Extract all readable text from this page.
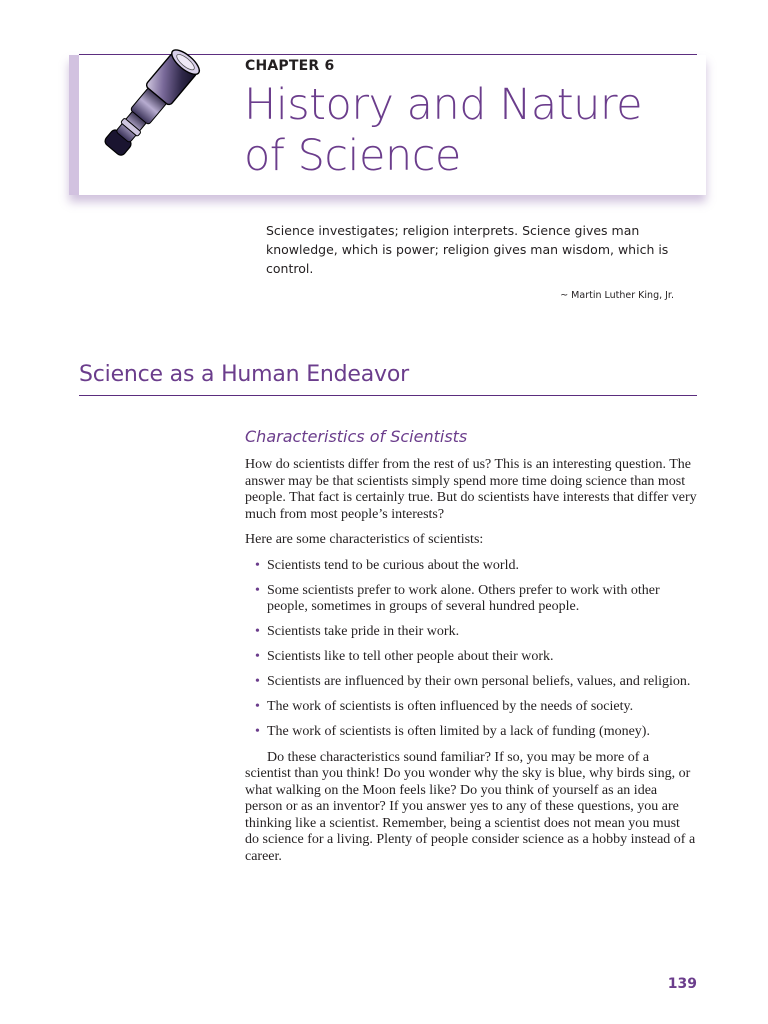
CHAPTER 6
History and Nature
of Science
Science investigates; religion interprets. Science gives man knowledge, which is power; religion gives man wisdom, which is control.
~ Martin Luther King, Jr.
Science as a Human Endeavor
Characteristics of Scientists

How do scientists differ from the rest of us? This is an interesting question. The answer may be that scientists simply spend more time doing science than most people. That fact is certainly true. But do scientists have interests that differ very much from most people’s interests?

Here are some characteristics of scientists:

• Scientists tend to be curious about the world.
• Some scientists prefer to work alone. Others prefer to work with other people, sometimes in groups of several hundred people.
• Scientists take pride in their work.
• Scientists like to tell other people about their work.
• Scientists are influenced by their own personal beliefs, values, and religion.
• The work of scientists is often influenced by the needs of society.
• The work of scientists is often limited by a lack of funding (money).

Do these characteristics sound familiar? If so, you may be more of a scientist than you think! Do you wonder why the sky is blue, why birds sing, or what walking on the Moon feels like? Do you think of yourself as an idea person or as an inventor? If you answer yes to any of these questions, you are thinking like a scientist. Remember, being a scientist does not mean you must do science for a living. Plenty of people consider science as a hobby instead of a career.

139
